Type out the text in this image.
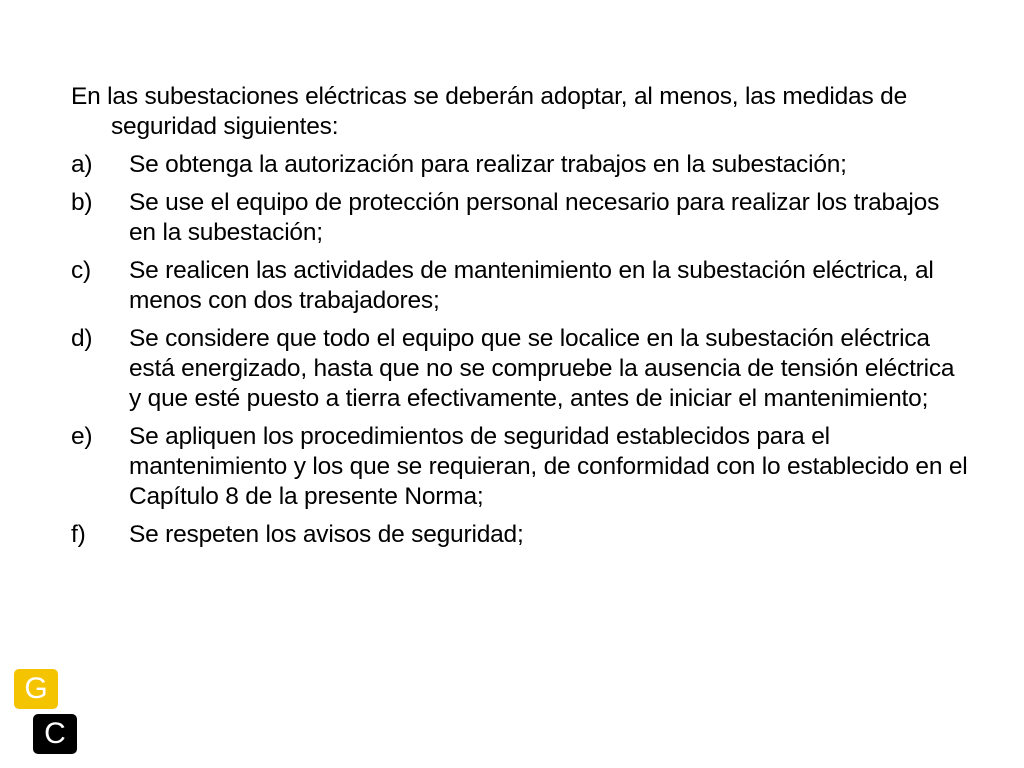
En las subestaciones eléctricas se deberán adoptar, al menos, las medidas de seguridad siguientes:

a)	Se obtenga la autorización para realizar trabajos en la subestación;
b)	Se use el equipo de protección personal necesario para realizar los trabajos en la subestación;
c)	Se realicen las actividades de mantenimiento en la subestación eléctrica, al menos con dos trabajadores;
d)	Se considere que todo el equipo que se localice en la subestación eléctrica está energizado, hasta que no se compruebe la ausencia de tensión eléctrica y que esté puesto a tierra efectivamente, antes de iniciar el mantenimiento;
e)	Se apliquen los procedimientos de seguridad establecidos para el mantenimiento y los que se requieran, de conformidad con lo establecido en el Capítulo 8 de la presente Norma;
f)	Se respeten los avisos de seguridad;
G
C
